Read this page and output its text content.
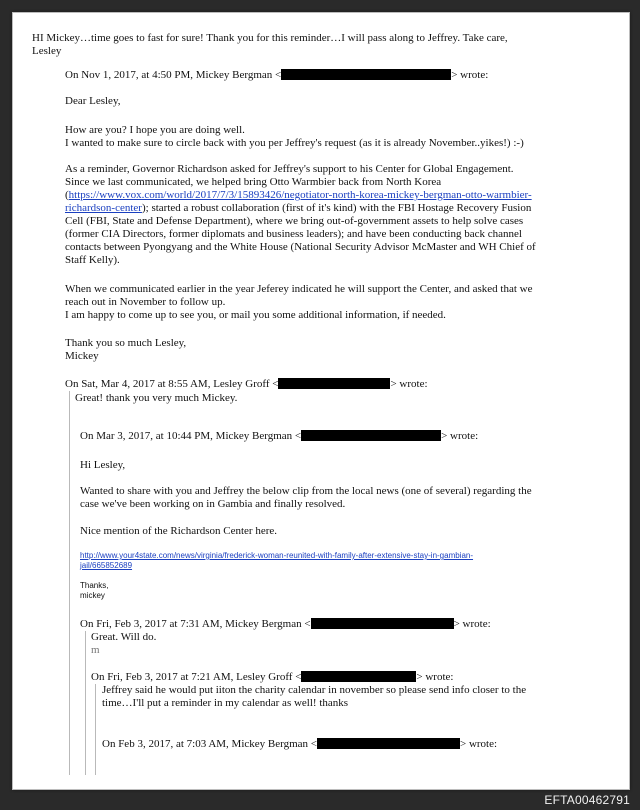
HI Mickey…time goes to fast for sure! Thank you for this reminder…I will pass along to Jeffrey. Take care,

Lesley

On Nov 1, 2017, at 4:50 PM, Mickey Bergman <	> wrote:

Dear Lesley,

How are you? I hope you are doing well.

I wanted to make sure to circle back with you per Jeffrey's request (as it is already November..yikes!) :-)

As a reminder, Governor Richardson asked for Jeffrey's support to his Center for Global Engagement.

Since we last communicated, we helped bring Otto Warmbier back from North Korea

(https://www.vox.com/world/2017/7/3/15893426/negotiator-north-korea-mickey-bergman-otto-warmbier-

richardson-center); started a robust collaboration (first of it's kind) with the FBI Hostage Recovery Fusion

Cell (FBI, State and Defense Department), where we bring out-of-government assets to help solve cases

(former CIA Directors, former diplomats and business leaders); and have been conducting back channel

contacts between Pyongyang and the White House (National Security Advisor McMaster and WH Chief of

Staff Kelly).

When we communicated earlier in the year Jeferey indicated he will support the Center, and asked that we

reach out in November to follow up.

I am happy to come up to see you, or mail you some additional information, if needed.

Thank you so much Lesley,

Mickey

On Sat, Mar 4, 2017 at 8:55 AM, Lesley Groff <	> wrote:

Great! thank you very much Mickey.

On Mar 3, 2017, at 10:44 PM, Mickey Bergman <	> wrote:

Hi Lesley,

Wanted to share with you and Jeffrey the below clip from the local news (one of several) regarding the

case we've been working on in Gambia and finally resolved.

Nice mention of the Richardson Center here.

http://www.your4state.com/news/virginia/frederick-woman-reunited-with-family-after-extensive-stay-in-gambian-

jail/665852689

Thanks,

mickey

On Fri, Feb 3, 2017 at 7:31 AM, Mickey Bergman <	> wrote:

Great. Will do.

m

On Fri, Feb 3, 2017 at 7:21 AM, Lesley Groff <	> wrote:

Jeffrey said he would put iiton the charity calendar in november so please send info closer to the

time…I'll put a reminder in my calendar as well! thanks

On Feb 3, 2017, at 7:03 AM, Mickey Bergman <	> wrote:

EFTA00462791
